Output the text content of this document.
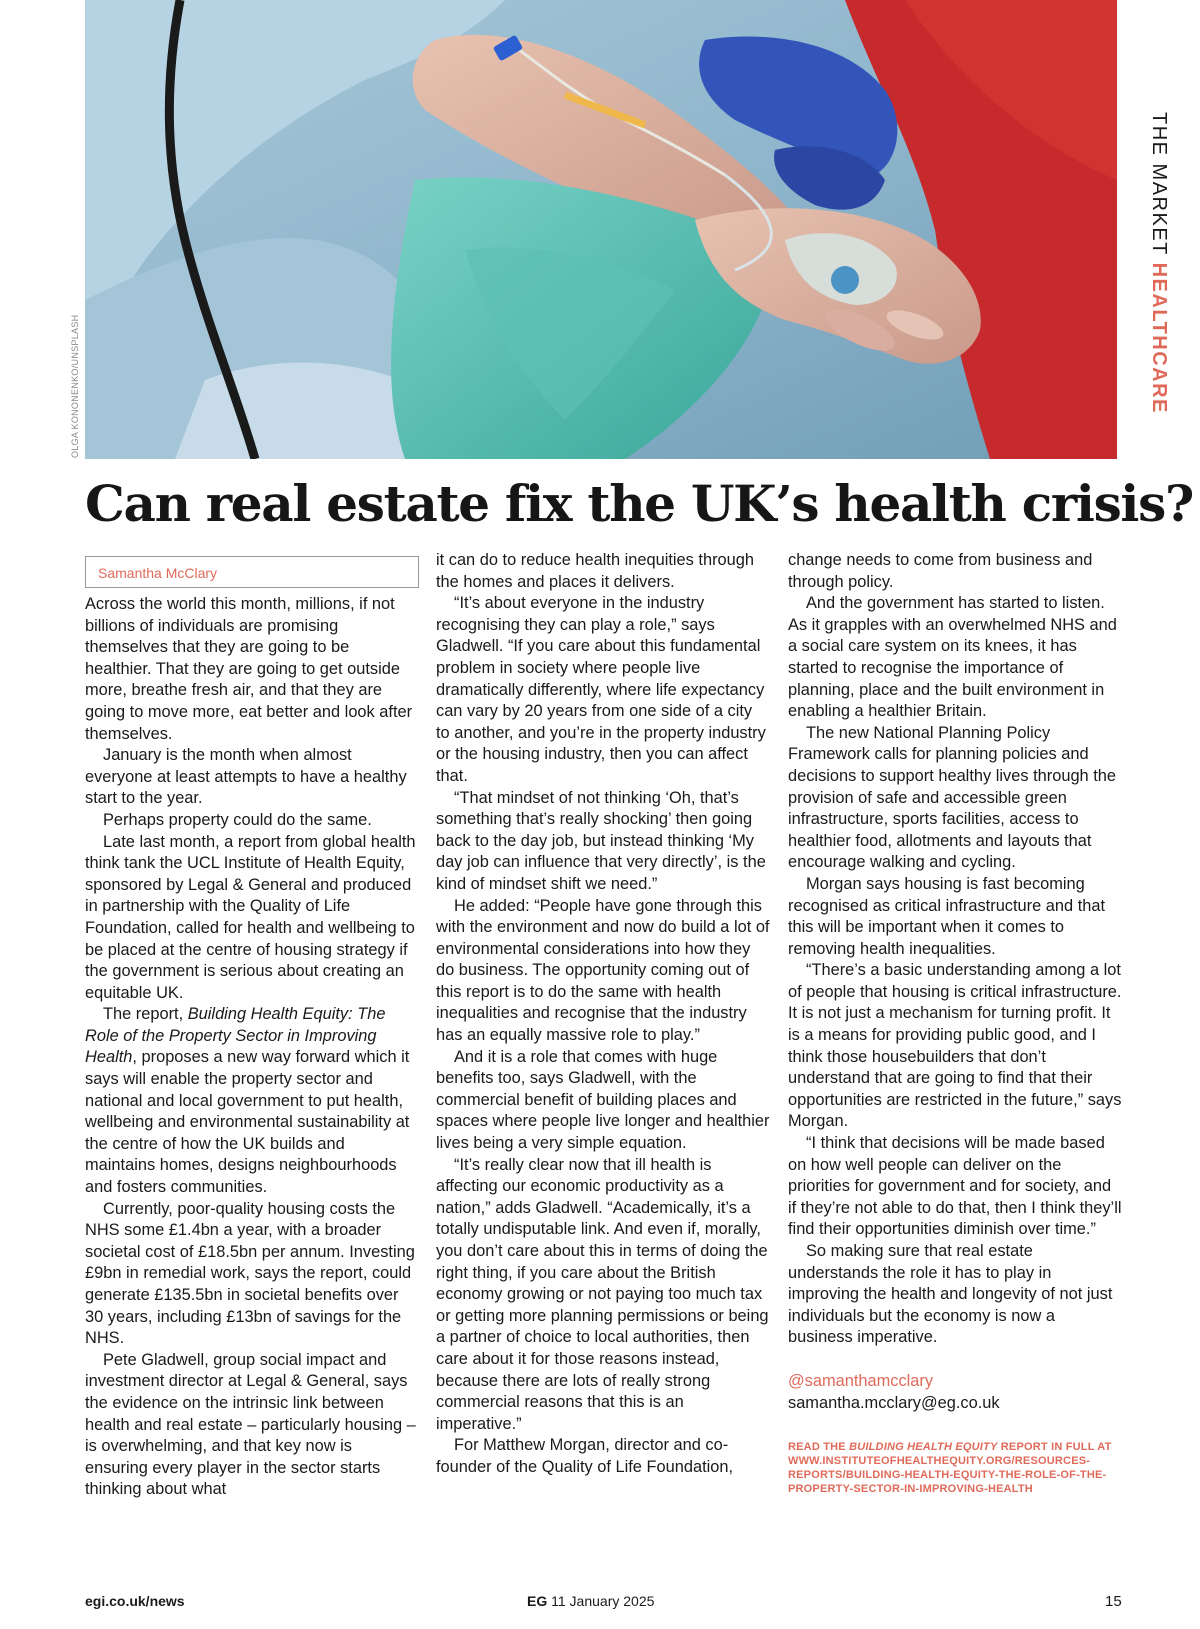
OLGA KONONENKO/UNSPLASH
THE MARKET HEALTHCARE
Can real estate fix the UK’s health crisis?
Samantha McClary

Across the world this month, millions, if not billions of individuals are promising themselves that they are going to be healthier. That they are going to get outside more, breathe fresh air, and that they are going to move more, eat better and look after themselves.

January is the month when almost everyone at least attempts to have a healthy start to the year.

Perhaps property could do the same.

Late last month, a report from global health think tank the UCL Institute of Health Equity, sponsored by Legal & General and produced in partnership with the Quality of Life Foundation, called for health and wellbeing to be placed at the centre of housing strategy if the government is serious about creating an equitable UK.

The report, Building Health Equity: The Role of the Property Sector in Improving Health, proposes a new way forward which it says will enable the property sector and national and local government to put health, wellbeing and environmental sustainability at the centre of how the UK builds and maintains homes, designs neighbourhoods and fosters communities.

Currently, poor-quality housing costs the NHS some £1.4bn a year, with a broader societal cost of £18.5bn per annum. Investing £9bn in remedial work, says the report, could generate £135.5bn in societal benefits over 30 years, including £13bn of savings for the NHS.

Pete Gladwell, group social impact and investment director at Legal & General, says the evidence on the intrinsic link between health and real estate – particularly housing – is overwhelming, and that key now is ensuring every player in the sector starts thinking about what

it can do to reduce health inequities through the homes and places it delivers.

“It’s about everyone in the industry recognising they can play a role,” says Gladwell. “If you care about this fundamental problem in society where people live dramatically differently, where life expectancy can vary by 20 years from one side of a city to another, and you’re in the property industry or the housing industry, then you can affect that.

“That mindset of not thinking ‘Oh, that’s something that’s really shocking’ then going back to the day job, but instead thinking ‘My day job can influence that very directly’, is the kind of mindset shift we need.”

He added: “People have gone through this with the environment and now do build a lot of environmental considerations into how they do business. The opportunity coming out of this report is to do the same with health inequalities and recognise that the industry has an equally massive role to play.”

And it is a role that comes with huge benefits too, says Gladwell, with the commercial benefit of building places and spaces where people live longer and healthier lives being a very simple equation.

“It’s really clear now that ill health is affecting our economic productivity as a nation,” adds Gladwell. “Academically, it’s a totally undisputable link. And even if, morally, you don’t care about this in terms of doing the right thing, if you care about the British economy growing or not paying too much tax or getting more planning permissions or being a partner of choice to local authorities, then care about it for those reasons instead, because there are lots of really strong commercial reasons that this is an imperative.”

For Matthew Morgan, director and co-founder of the Quality of Life Foundation,

change needs to come from business and through policy.

And the government has started to listen. As it grapples with an overwhelmed NHS and a social care system on its knees, it has started to recognise the importance of planning, place and the built environment in enabling a healthier Britain.

The new National Planning Policy Framework calls for planning policies and decisions to support healthy lives through the provision of safe and accessible green infrastructure, sports facilities, access to healthier food, allotments and layouts that encourage walking and cycling.

Morgan says housing is fast becoming recognised as critical infrastructure and that this will be important when it comes to removing health inequalities.

“There’s a basic understanding among a lot of people that housing is critical infrastructure. It is not just a mechanism for turning profit. It is a means for providing public good, and I think those housebuilders that don’t understand that are going to find that their opportunities are restricted in the future,” says Morgan.

“I think that decisions will be made based on how well people can deliver on the priorities for government and for society, and if they’re not able to do that, then I think they’ll find their opportunities diminish over time.”

So making sure that real estate understands the role it has to play in improving the health and longevity of not just individuals but the economy is now a business imperative.

@samanthamcclary
samantha.mcclary@eg.co.uk
READ THE BUILDING HEALTH EQUITY REPORT IN FULL AT WWW.INSTITUTEOFHEALTHEQUITY.ORG/RESOURCES-REPORTS/BUILDING-HEALTH-EQUITY-THE-ROLE-OF-THE-PROPERTY-SECTOR-IN-IMPROVING-HEALTH
egi.co.uk/news	EG 11 January 2025	15
